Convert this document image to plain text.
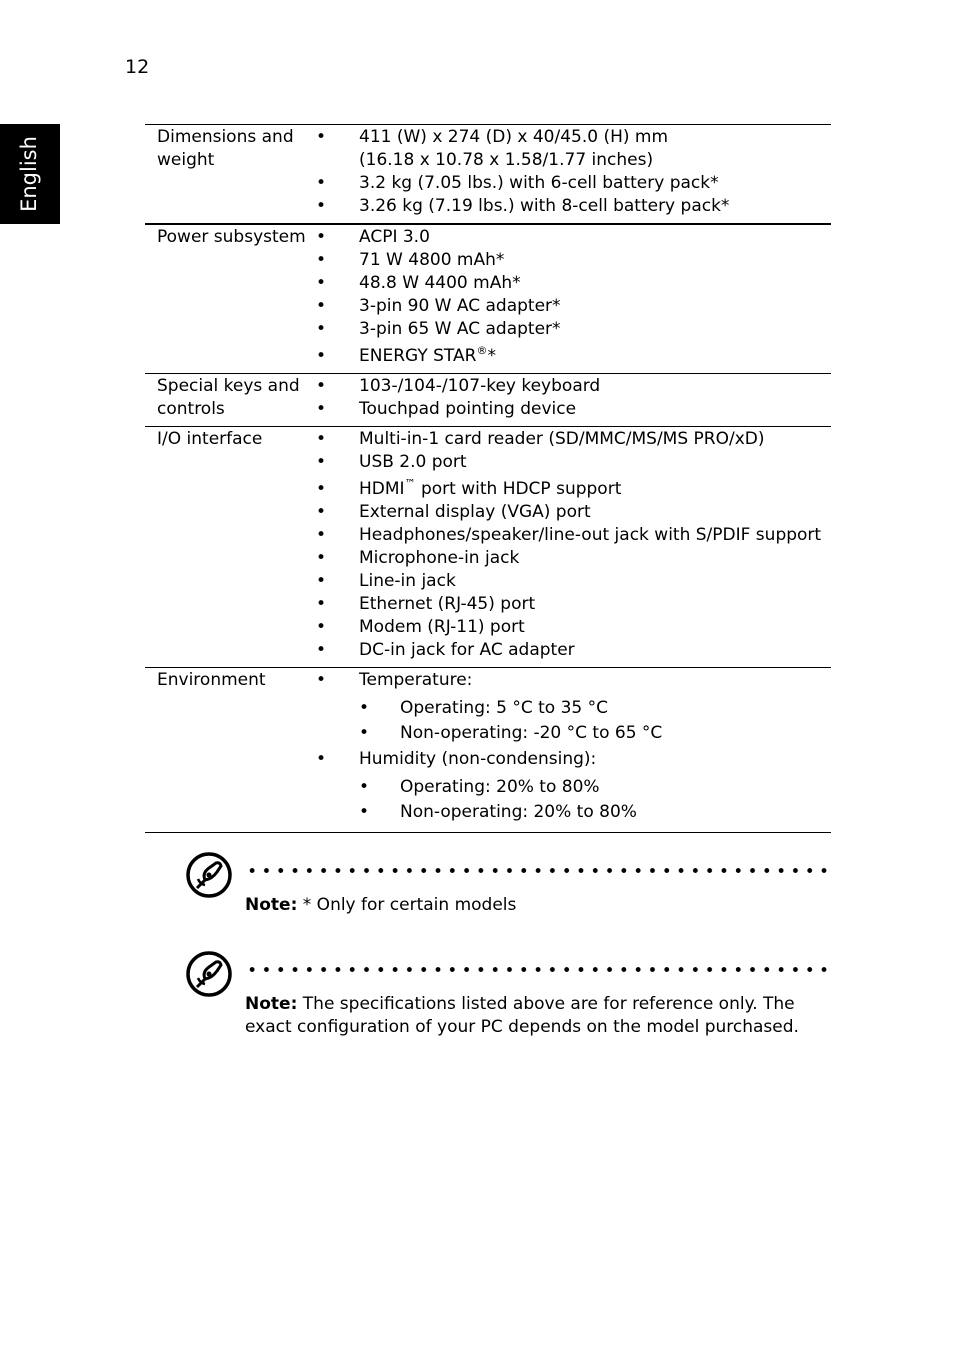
12
English	Dimensions and weight
• 411 (W) x 274 (D) x 40/45.0 (H) mm
(16.18 x 10.78 x 1.58/1.77 inches)
• 3.2 kg (7.05 lbs.) with 6-cell battery pack*
• 3.26 kg (7.19 lbs.) with 8-cell battery pack*
Power subsystem • ACPI 3.0
• 71 W 4800 mAh*
• 48.8 W 4400 mAh*
• 3-pin 90 W AC adapter*
• 3-pin 65 W AC adapter*
• ENERGY STAR®*
Special keys and controls
• 103-/104-/107-key keyboard
• Touchpad pointing device
I/O interface	• Multi-in-1 card reader (SD/MMC/MS/MS PRO/xD)
• USB 2.0 port
• HDMI™ port with HDCP support
• External display (VGA) port
• Headphones/speaker/line-out jack with S/PDIF support
• Microphone-in jack
• Line-in jack
• Ethernet (RJ-45) port
• Modem (RJ-11) port
• DC-in jack for AC adapter
Environment	• Temperature:
• Operating: 5 °C to 35 °C
• Non-operating: -20 °C to 65 °C
• Humidity (non-condensing):
• Operating: 20% to 80%
• Non-operating: 20% to 80%
Note: * Only for certain models
Note: The specifications listed above are for reference only. The exact configuration of your PC depends on the model purchased.
